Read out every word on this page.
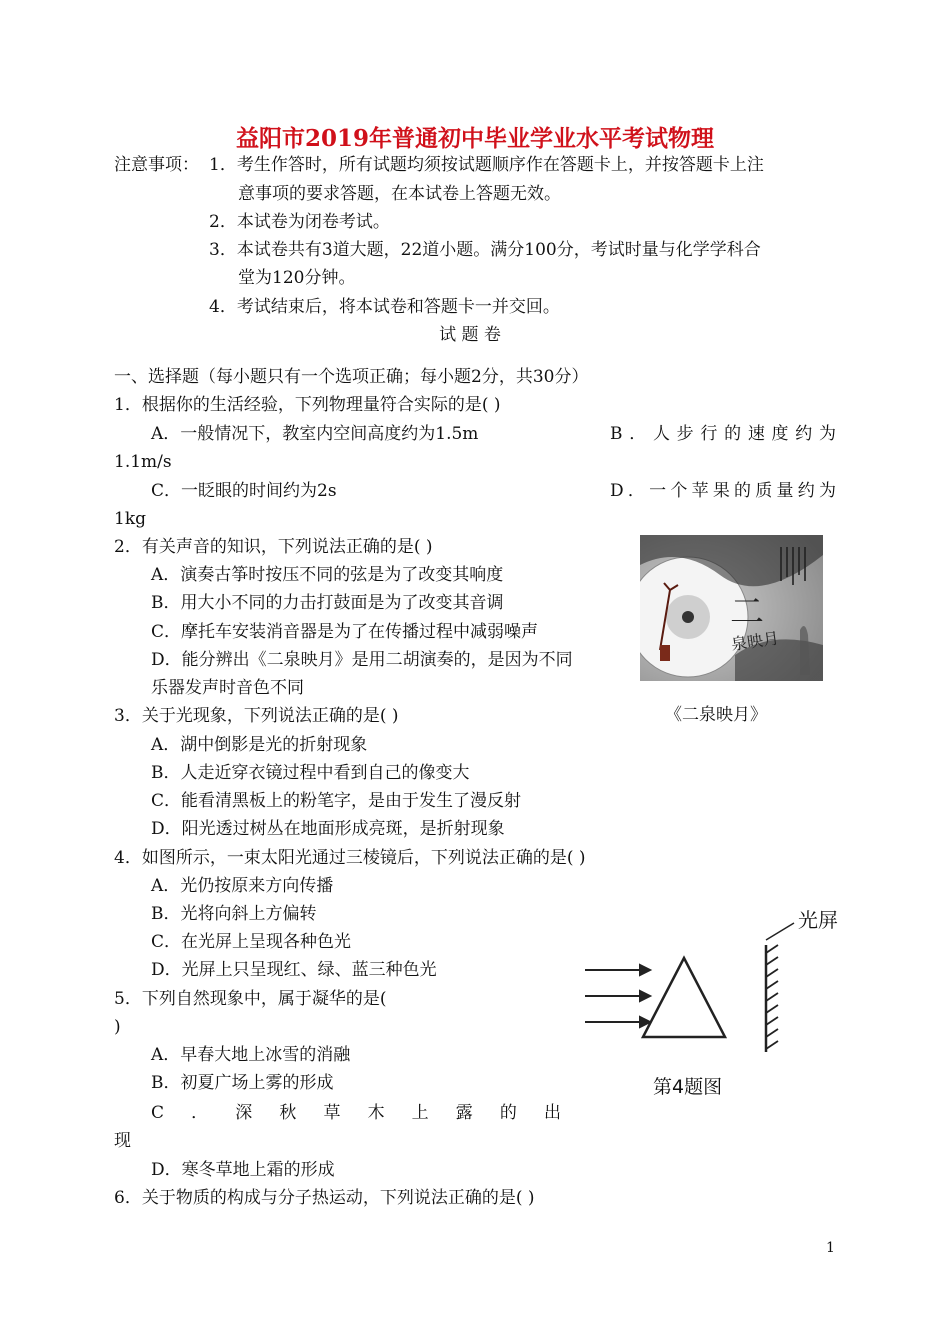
益阳市2019年普通初中毕业学业水平考试物理
注意事项： 1．考生作答时，所有试题均须按试题顺序作在答题卡上，并按答题卡上注
意事项的要求答题，在本试卷上答题无效。
2．本试卷为闭卷考试。
3．本试卷共有3道大题，22道小题。满分100分，考试时量与化学学科合
堂为120分钟。
4．考试结束后，将本试卷和答题卡一并交回。
试 题 卷
一、选择题（每小题只有一个选项正确；每小题2分，共30分）
1．根据你的生活经验，下列物理量符合实际的是( )
A．一般情况下，教室内空间高度约为1.5m	B ． 人 步 行 的 速 度 约 为
1.1m/s
C．一眨眼的时间约为2s	D ． 一 个 苹 果 的 质 量 约 为
1kg
2．有关声音的知识，下列说法正确的是( )
A．演奏古筝时按压不同的弦是为了改变其响度
B．用大小不同的力击打鼓面是为了改变其音调
C．摩托车安装消音器是为了在传播过程中减弱噪声
D．能分辨出《二泉映月》是用二胡演奏的，是因为不同
乐器发声时音色不同
二
泉映月
《二泉映月》
3．关于光现象，下列说法正确的是( )
A．湖中倒影是光的折射现象
B．人走近穿衣镜过程中看到自己的像变大
C．能看清黑板上的粉笔字，是由于发生了漫反射
D．阳光透过树丛在地面形成亮斑，是折射现象
4．如图所示，一束太阳光通过三棱镜后，下列说法正确的是( )
A．光仍按原来方向传播
B．光将向斜上方偏转
C．在光屏上呈现各种色光
D．光屏上只呈现红、绿、蓝三种色光
光屏
第4题图
5．下列自然现象中，属于凝华的是(
)
A．早春大地上冰雪的消融
B．初夏广场上雾的形成
C ． 深 秋 草 木 上 露 的 出
现
D．寒冬草地上霜的形成
6．关于物质的构成与分子热运动，下列说法正确的是( )
1
